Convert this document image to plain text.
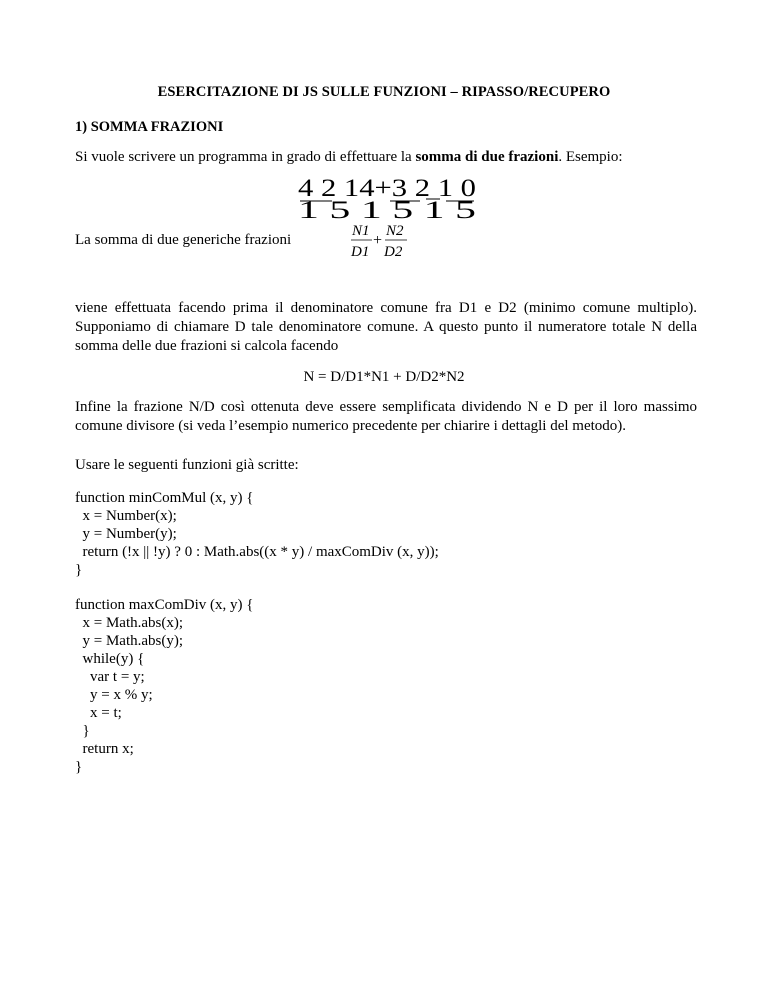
ESERCITAZIONE DI JS SULLE FUNZIONI – RIPASSO/RECUPERO
1) SOMMA FRAZIONI
Si vuole scrivere un programma in grado di effettuare la somma di due frazioni. Esempio:
4 2 14+3 2 1 0
1 5 1 5 1 5
La somma di due generiche frazioni
N1
D1
+
N2
D2
viene effettuata facendo prima il denominatore comune fra D1 e D2 (minimo comune multiplo). Supponiamo di chiamare D tale denominatore comune. A questo punto il numeratore totale N della somma delle due frazioni si calcola facendo
N = D/D1*N1 + D/D2*N2
Infine la frazione N/D così ottenuta deve essere semplificata dividendo N e D per il loro massimo comune divisore (si veda l’esempio numerico precedente per chiarire i dettagli del metodo).
Usare le seguenti funzioni già scritte:
function minComMul (x, y) {
x = Number(x);
y = Number(y);
return (!x || !y) ? 0 : Math.abs((x * y) / maxComDiv (x, y));
}

function maxComDiv (x, y) {
x = Math.abs(x);
y = Math.abs(y);
while(y) {
var t = y;
y = x % y;
x = t;
}
return x;
}
